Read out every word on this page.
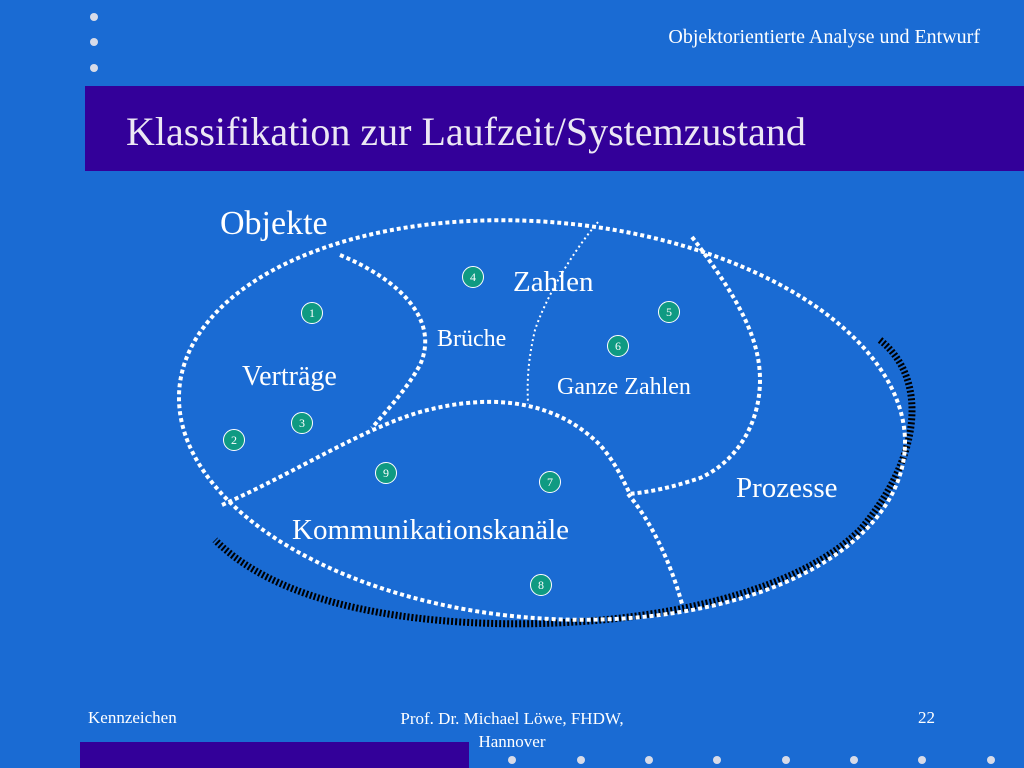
Objektorientierte Analyse und Entwurf
Klassifikation zur Laufzeit/Systemzustand
Objekte
Verträge
Brüche
Zahlen
Ganze Zahlen
Prozesse
Kommunikationskanäle
1
2
3
4
5
6
7
8
9
Kennzeichen	Prof. Dr. Michael Löwe, FHDW,
Hannover
22
